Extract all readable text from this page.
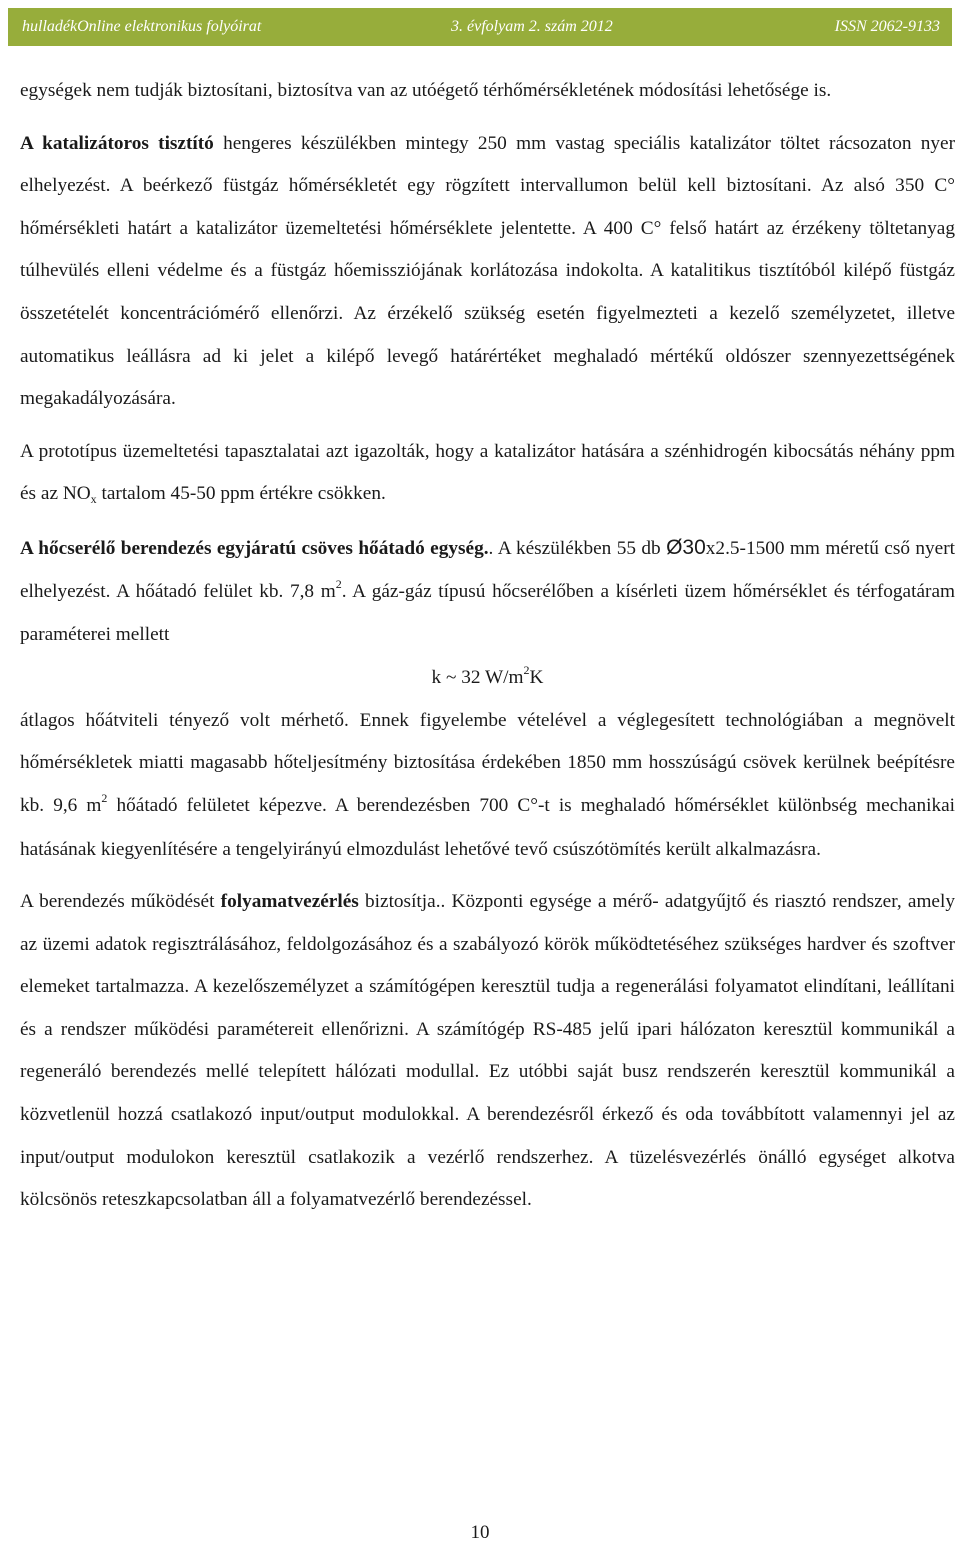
hulladékOnline elektronikus folyóirat	3. évfolyam 2. szám 2012	ISSN 2062-9133

egységek nem tudják biztosítani, biztosítva van az utóégető térhőmérsékletének módosítási lehetősége is.

A katalizátoros tisztító hengeres készülékben mintegy 250 mm vastag speciális katalizátor töltet rácsozaton nyer elhelyezést. A beérkező füstgáz hőmérsékletét egy rögzített intervallumon belül kell biztosítani. Az alsó 350 C° hőmérsékleti határt a katalizátor üzemeltetési hőmérséklete jelentette. A 400 C° felső határt az érzékeny töltetanyag túlhevülés elleni védelme és a füstgáz hőemissziójának korlátozása indokolta. A katalitikus tisztítóból kilépő füstgáz összetételét koncentrációmérő ellenőrzi. Az érzékelő szükség esetén figyelmezteti a kezelő személyzetet, illetve automatikus leállásra ad ki jelet a kilépő levegő határértéket meghaladó mértékű oldószer szennyezettségének megakadályozására.

A prototípus üzemeltetési tapasztalatai azt igazolták, hogy a katalizátor hatására a szénhidrogén kibocsátás néhány ppm és az $NO_x$ tartalom 45-50 ppm értékre csökken.

A hőcserélő berendezés egyjáratú csöves hőátadó egység.. A készülékben 55 db Ø30x2.5-1500 mm méretű cső nyert elhelyezést. A hőátadó felület kb. 7,8 $m^2$. A gáz-gáz típusú hőcserélőben a kísérleti üzem hőmérséklet és térfogatáram paraméterei mellett

k ~ 32 $W/m^2K$

átlagos hőátviteli tényező volt mérhető. Ennek figyelembe vételével a véglegesített technológiában a megnövelt hőmérsékletek miatti magasabb hőteljesítmény biztosítása érdekében 1850 mm hosszúságú csövek kerülnek beépítésre kb. 9,6 $m^2$ hőátadó felületet képezve. A berendezésben 700 C°-t is meghaladó hőmérséklet különbség mechanikai hatásának kiegyenlítésére a tengelyirányú elmozdulást lehetővé tevő csúszótömítés került alkalmazásra.

A berendezés működését folyamatvezérlés biztosítja.. Központi egysége a mérő- adatgyűjtő és riasztó rendszer, amely az üzemi adatok regisztrálásához, feldolgozásához és a szabályozó körök működtetéséhez szükséges hardver és szoftver elemeket tartalmazza. A kezelőszemélyzet a számítógépen keresztül tudja a regenerálási folyamatot elindítani, leállítani és a rendszer működési paramétereit ellenőrizni. A számítógép RS-485 jelű ipari hálózaton keresztül kommunikál a regeneráló berendezés mellé telepített hálózati modullal. Ez utóbbi saját busz rendszerén keresztül kommunikál a közvetlenül hozzá csatlakozó input/output modulokkal. A berendezésről érkező és oda továbbított valamennyi jel az input/output modulokon keresztül csatlakozik a vezérlő rendszerhez. A tüzelésvezérlés önálló egységet alkotva kölcsönös reteszkapcsolatban áll a folyamatvezérlő berendezéssel.

10
